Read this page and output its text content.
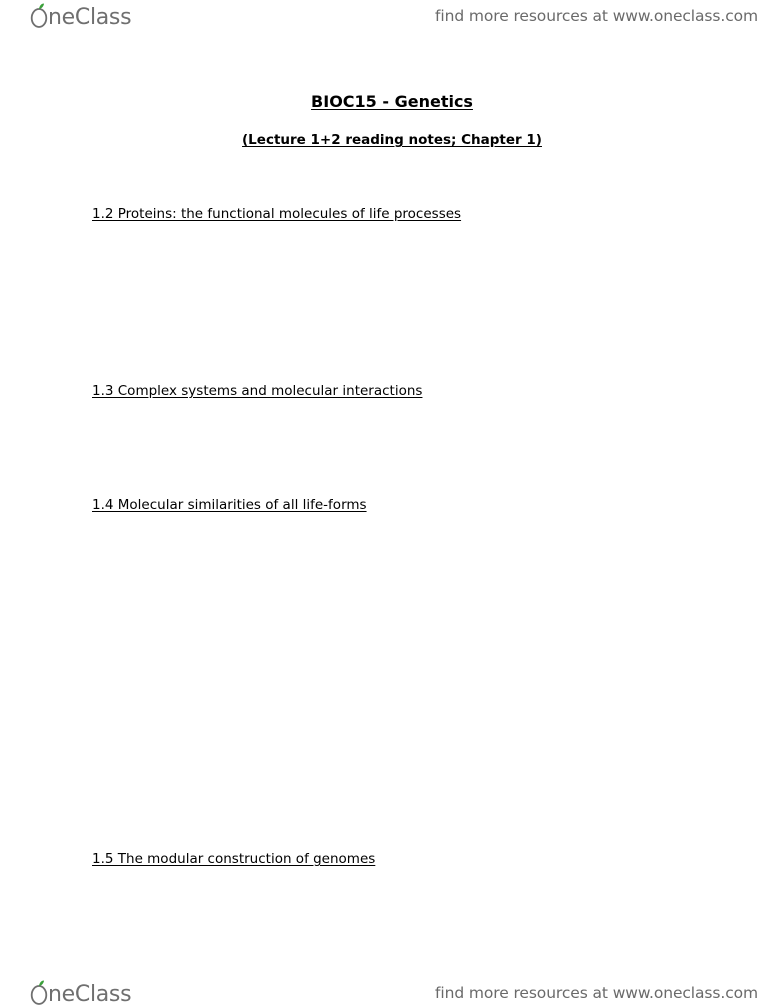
neClass	find more resources at www.oneclass.com
BIOC15 - Genetics
(Lecture 1+2 reading notes; Chapter 1)
1.2 Proteins: the functional molecules of life processes
1.3 Complex systems and molecular interactions
1.4 Molecular similarities of all life-forms
1.5 The modular construction of genomes
neClass	find more resources at www.oneclass.com
